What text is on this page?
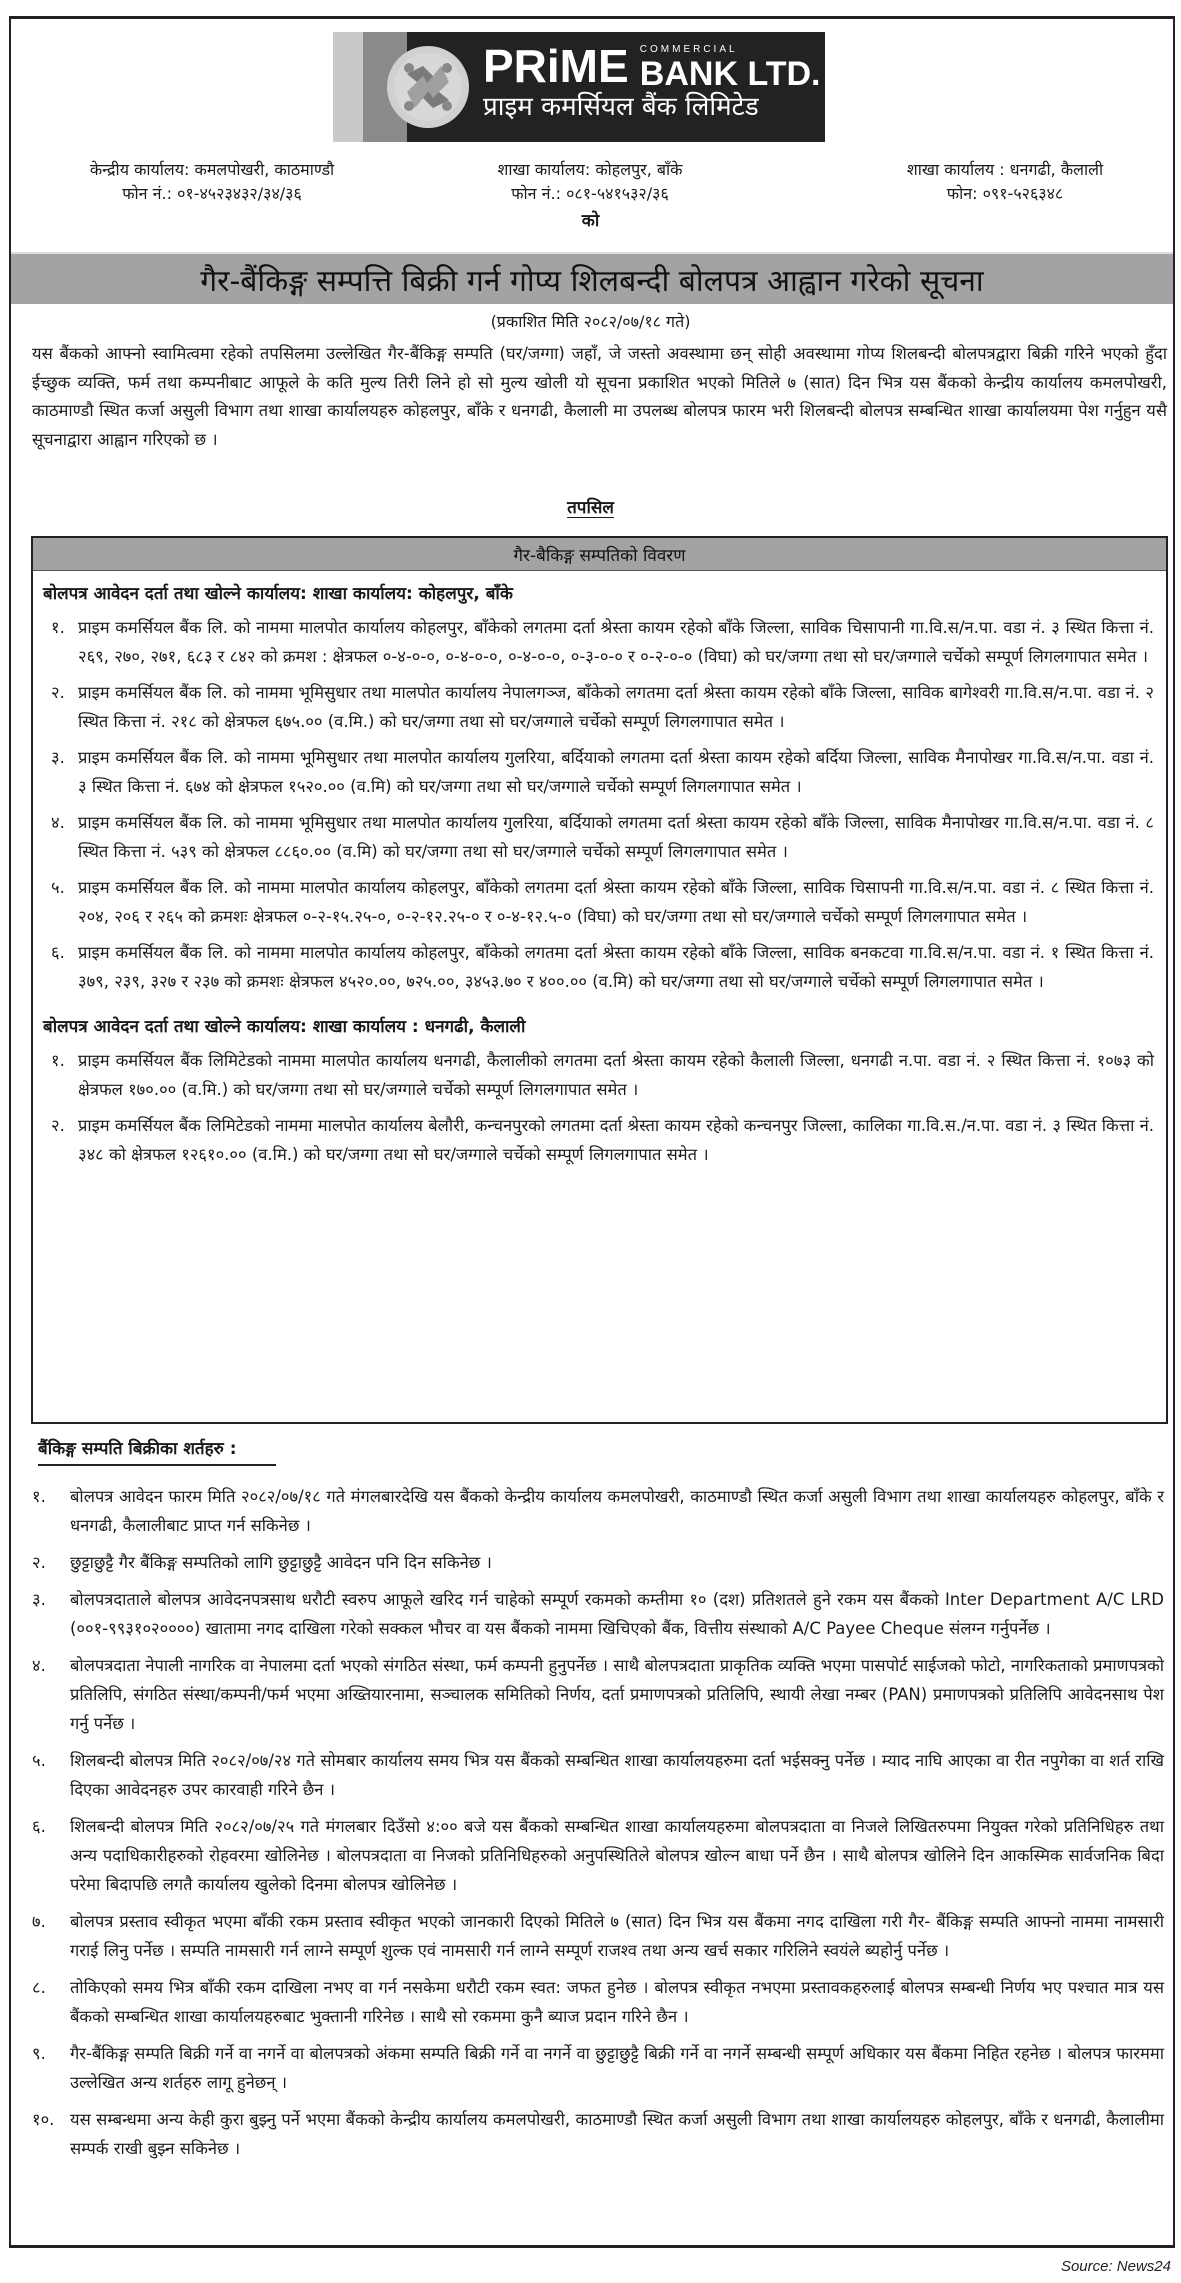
PRiME COMMERCIAL
BANK LTD.
प्राइम कमर्सियल बैंक लिमिटेड
केन्द्रीय कार्यालय: कमलपोखरी, काठमाण्डौ
फोन नं.: ०१-४५२३४३२/३४/३६
शाखा कार्यालय: कोहलपुर, बाँके
फोन नं.: ०८१-५४१५३२/३६
शाखा कार्यालय : धनगढी, कैलाली
फोन: ०९१-५२६३४८
को
गैर-बैंकिङ्ग सम्पत्ति बिक्री गर्न गोप्य शिलबन्दी बोलपत्र आह्वान गरेको सूचना
(प्रकाशित मिति २०८२/०७/१८ गते)

यस बैंकको आफ्नो स्वामित्वमा रहेको तपसिलमा उल्लेखित गैर-बैंकिङ्ग सम्पति (घर/जग्गा) जहाँ, जे जस्तो अवस्थामा छन् सोही अवस्थामा गोप्य शिलबन्दी बोलपत्रद्वारा बिक्री गरिने भएको हुँदा ईच्छुक व्यक्ति, फर्म तथा कम्पनीबाट आफूले के कति मुल्य तिरी लिने हो सो मुल्य खोली यो सूचना प्रकाशित भएको मितिले ७ (सात) दिन भित्र यस बैंकको केन्द्रीय कार्यालय कमलपोखरी, काठमाण्डौ स्थित कर्जा असुली विभाग तथा शाखा कार्यालयहरु कोहलपुर, बाँके र धनगढी, कैलाली मा उपलब्ध बोलपत्र फारम भरी शिलबन्दी बोलपत्र सम्बन्धित शाखा कार्यालयमा पेश गर्नुहुन यसै सूचनाद्वारा आह्वान गरिएको छ ।

तपसिल
गैर-बैकिङ्ग सम्पतिको विवरण
बोलपत्र आवेदन दर्ता तथा खोल्ने कार्यालय: शाखा कार्यालय: कोहलपुर, बाँके
१. प्राइम कमर्सियल बैंक लि. को नाममा मालपोत कार्यालय कोहलपुर, बाँकेको लगतमा दर्ता श्रेस्ता कायम रहेको बाँके जिल्ला, साविक चिसापानी गा.वि.स/न.पा. वडा नं. ३ स्थित कित्ता नं. २६९, २७०, २७१, ६८३ र ८४२ को क्रमश : क्षेत्रफल ०-४-०-०, ०-४-०-०, ०-४-०-०, ०-३-०-० र ०-२-०-० (विघा) को घर/जग्गा तथा सो घर/जग्गाले चर्चेको सम्पूर्ण लिगलगापात समेत ।
२. प्राइम कमर्सियल बैंक लि. को नाममा भूमिसुधार तथा मालपोत कार्यालय नेपालगञ्ज, बाँकेको लगतमा दर्ता श्रेस्ता कायम रहेको बाँके जिल्ला, साविक बागेश्वरी गा.वि.स/न.पा. वडा नं. २ स्थित कित्ता नं. २१८ को क्षेत्रफल ६७५.०० (व.मि.) को घर/जग्गा तथा सो घर/जग्गाले चर्चेको सम्पूर्ण लिगलगापात समेत ।
३. प्राइम कमर्सियल बैंक लि. को नाममा भूमिसुधार तथा मालपोत कार्यालय गुलरिया, बर्दियाको लगतमा दर्ता श्रेस्ता कायम रहेको बर्दिया जिल्ला, साविक मैनापोखर गा.वि.स/न.पा. वडा नं. ३ स्थित कित्ता नं. ६७४ को क्षेत्रफल १५२०.०० (व.मि) को घर/जग्गा तथा सो घर/जग्गाले चर्चेको सम्पूर्ण लिगलगापात समेत ।
४. प्राइम कमर्सियल बैंक लि. को नाममा भूमिसुधार तथा मालपोत कार्यालय गुलरिया, बर्दियाको लगतमा दर्ता श्रेस्ता कायम रहेको बाँके जिल्ला, साविक मैनापोखर गा.वि.स/न.पा. वडा नं. ८ स्थित कित्ता नं. ५३९ को क्षेत्रफल ८८६०.०० (व.मि) को घर/जग्गा तथा सो घर/जग्गाले चर्चेको सम्पूर्ण लिगलगापात समेत ।
५. प्राइम कमर्सियल बैंक लि. को नाममा मालपोत कार्यालय कोहलपुर, बाँकेको लगतमा दर्ता श्रेस्ता कायम रहेको बाँके जिल्ला, साविक चिसापनी गा.वि.स/न.पा. वडा नं. ८ स्थित कित्ता नं. २०४, २०६ र २६५ को क्रमशः क्षेत्रफल ०-२-१५.२५-०, ०-२-१२.२५-० र ०-४-१२.५-० (विघा) को घर/जग्गा तथा सो घर/जग्गाले चर्चेको सम्पूर्ण लिगलगापात समेत ।
६. प्राइम कमर्सियल बैंक लि. को नाममा मालपोत कार्यालय कोहलपुर, बाँकेको लगतमा दर्ता श्रेस्ता कायम रहेको बाँके जिल्ला, साविक बनकटवा गा.वि.स/न.पा. वडा नं. १ स्थित कित्ता नं. ३७९, २३९, ३२७ र २३७ को क्रमशः क्षेत्रफल ४५२०.००, ७२५.००, ३४५३.७० र ४००.०० (व.मि) को घर/जग्गा तथा सो घर/जग्गाले चर्चेको सम्पूर्ण लिगलगापात समेत ।
बोलपत्र आवेदन दर्ता तथा खोल्ने कार्यालय: शाखा कार्यालय : धनगढी, कैलाली
१. प्राइम कमर्सियल बैंक लिमिटेडको नाममा मालपोत कार्यालय धनगढी, कैलालीको लगतमा दर्ता श्रेस्ता कायम रहेको कैलाली जिल्ला, धनगढी न.पा. वडा नं. २ स्थित कित्ता नं. १०७३ को क्षेत्रफल १७०.०० (व.मि.) को घर/जग्गा तथा सो घर/जग्गाले चर्चेको सम्पूर्ण लिगलगापात समेत ।
२. प्राइम कमर्सियल बैंक लिमिटेडको नाममा मालपोत कार्यालय बेलौरी, कन्चनपुरको लगतमा दर्ता श्रेस्ता कायम रहेको कन्चनपुर जिल्ला, कालिका गा.वि.स./न.पा. वडा नं. ३ स्थित कित्ता नं. ३४८ को क्षेत्रफल १२६१०.०० (व.मि.) को घर/जग्गा तथा सो घर/जग्गाले चर्चेको सम्पूर्ण लिगलगापात समेत ।
बैंकिङ्ग सम्पति बिक्रीका शर्तहरु :
१.	बोलपत्र आवेदन फारम मिति २०८२/०७/१८ गते मंगलबारदेखि यस बैंकको केन्द्रीय कार्यालय कमलपोखरी, काठमाण्डौ स्थित कर्जा असुली विभाग तथा शाखा कार्यालयहरु कोहलपुर, बाँके र धनगढी, कैलालीबाट प्राप्त गर्न सकिनेछ ।
२.	छुट्टाछुट्टै गैर बैंकिङ्ग सम्पतिको लागि छुट्टाछुट्टै आवेदन पनि दिन सकिनेछ ।
३.	बोलपत्रदाताले बोलपत्र आवेदनपत्रसाथ धरौटी स्वरुप आफूले खरिद गर्न चाहेको सम्पूर्ण रकमको कम्तीमा १० (दश) प्रतिशतले हुने रकम यस बैंकको Inter Department A/C LRD (००१-९९३१०२००००) खातामा नगद दाखिला गरेको सक्कल भौचर वा यस बैंकको नाममा खिचिएको बैंक, वित्तीय संस्थाको A/C Payee Cheque संलग्न गर्नुपर्नेछ ।
४.	बोलपत्रदाता नेपाली नागरिक वा नेपालमा दर्ता भएको संगठित संस्था, फर्म कम्पनी हुनुपर्नेछ । साथै बोलपत्रदाता प्राकृतिक व्यक्ति भएमा पासपोर्ट साईजको फोटो, नागरिकताको प्रमाणपत्रको प्रतिलिपि, संगठित संस्था/कम्पनी/फर्म भएमा अख्तियारनामा, सञ्चालक समितिको निर्णय, दर्ता प्रमाणपत्रको प्रतिलिपि, स्थायी लेखा नम्बर (PAN) प्रमाणपत्रको प्रतिलिपि आवेदनसाथ पेश गर्नु पर्नेछ ।
५.	शिलबन्दी बोलपत्र मिति २०८२/०७/२४ गते सोमबार कार्यालय समय भित्र यस बैंकको सम्बन्धित शाखा कार्यालयहरुमा दर्ता भईसक्नु पर्नेछ । म्याद नाघि आएका वा रीत नपुगेका वा शर्त राखि दिएका आवेदनहरु उपर कारवाही गरिने छैन ।
६.	शिलबन्दी बोलपत्र मिति २०८२/०७/२५ गते मंगलबार दिउँसो ४:०० बजे यस बैंकको सम्बन्धित शाखा कार्यालयहरुमा बोलपत्रदाता वा निजले लिखितरुपमा नियुक्त गरेको प्रतिनिधिहरु तथा अन्य पदाधिकारीहरुको रोहवरमा खोलिनेछ । बोलपत्रदाता वा निजको प्रतिनिधिहरुको अनुपस्थितिले बोलपत्र खोल्न बाधा पर्ने छैन । साथै बोलपत्र खोलिने दिन आकस्मिक सार्वजनिक बिदा परेमा बिदापछि लगतै कार्यालय खुलेको दिनमा बोलपत्र खोलिनेछ ।
७.	बोलपत्र प्रस्ताव स्वीकृत भएमा बाँकी रकम प्रस्ताव स्वीकृत भएको जानकारी दिएको मितिले ७ (सात) दिन भित्र यस बैंकमा नगद दाखिला गरी गैर- बैंकिङ्ग सम्पति आफ्नो नाममा नामसारी गराई लिनु पर्नेछ । सम्पति नामसारी गर्न लाग्ने सम्पूर्ण शुल्क एवं नामसारी गर्न लाग्ने सम्पूर्ण राजश्व तथा अन्य खर्च सकार गरिलिने स्वयंले ब्यहोर्नु पर्नेछ ।
८.	तोकिएको समय भित्र बाँकी रकम दाखिला नभए वा गर्न नसकेमा धरौटी रकम स्वत: जफत हुनेछ । बोलपत्र स्वीकृत नभएमा प्रस्तावकहरुलाई बोलपत्र सम्बन्धी निर्णय भए पश्चात मात्र यस बैंकको सम्बन्धित शाखा कार्यालयहरुबाट भुक्तानी गरिनेछ । साथै सो रकममा कुनै ब्याज प्रदान गरिने छैन ।
९.	गैर-बैंकिङ्ग सम्पति बिक्री गर्ने वा नगर्ने वा बोलपत्रको अंकमा सम्पति बिक्री गर्ने वा नगर्ने वा छुट्टाछुट्टै बिक्री गर्ने वा नगर्ने सम्बन्धी सम्पूर्ण अधिकार यस बैंकमा निहित रहनेछ । बोलपत्र फारममा उल्लेखित अन्य शर्तहरु लागू हुनेछन् ।
१०. यस सम्बन्धमा अन्य केही कुरा बुझ्नु पर्ने भएमा बैंकको केन्द्रीय कार्यालय कमलपोखरी, काठमाण्डौ स्थित कर्जा असुली विभाग तथा शाखा कार्यालयहरु कोहलपुर, बाँके र धनगढी, कैलालीमा सम्पर्क राखी बुझ्न सकिनेछ ।
Source: News24
